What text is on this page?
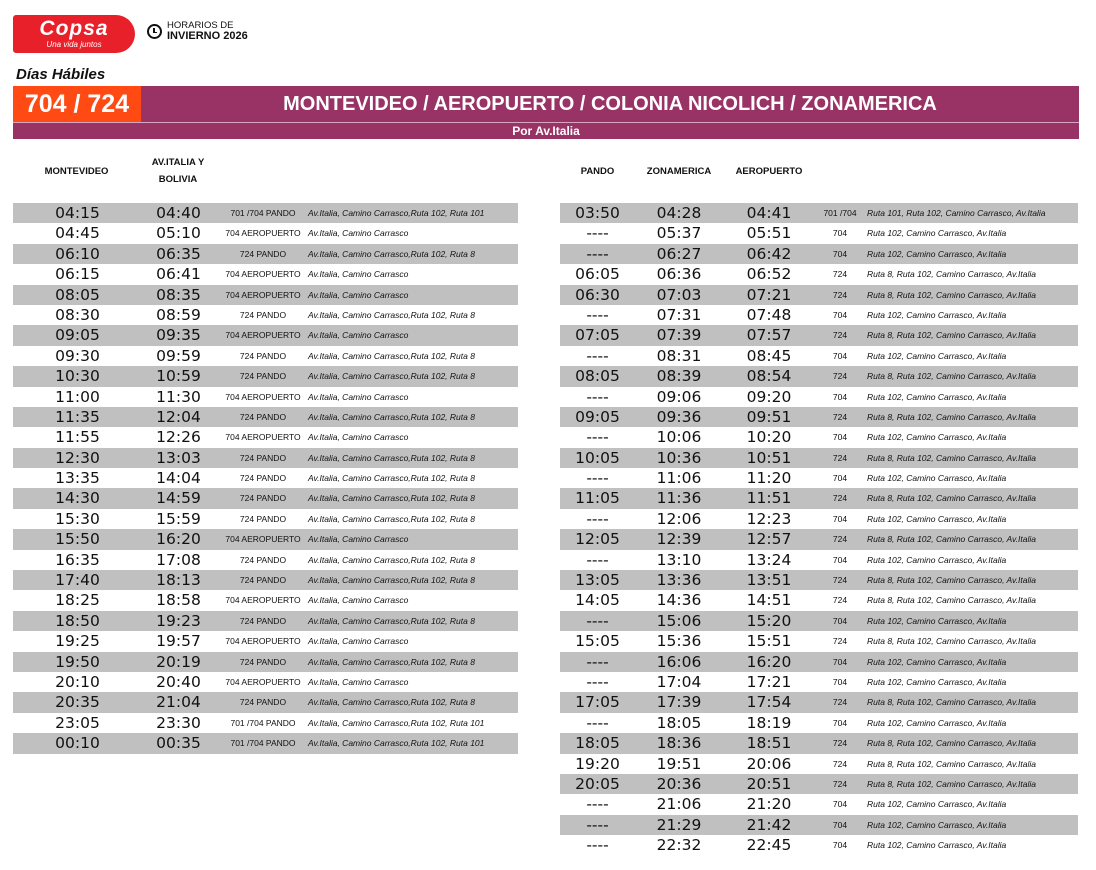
Copsa
Una vida juntos
HORARIOS DE
INVIERNO 2026
Días Hábiles
704 / 724	MONTEVIDEO / AEROPUERTO / COLONIA NICOLICH / ZONAMERICA
Por Av.Italia
MONTEVIDEO
AV.ITALIA Y BOLIVIA
PANDO	ZONAMERICA	AEROPUERTO
04:15	04:40	701 /704 PANDO	Av.Italia, Camino Carrasco,Ruta 102, Ruta 101
04:45	05:10	704 AEROPUERTO Av.Italia, Camino Carrasco
06:10	06:35	724 PANDO	Av.Italia, Camino Carrasco,Ruta 102, Ruta 8
06:15	06:41	704 AEROPUERTO Av.Italia, Camino Carrasco
08:05	08:35	704 AEROPUERTO Av.Italia, Camino Carrasco
08:30	08:59	724 PANDO	Av.Italia, Camino Carrasco,Ruta 102, Ruta 8
09:05	09:35	704 AEROPUERTO Av.Italia, Camino Carrasco
09:30	09:59	724 PANDO	Av.Italia, Camino Carrasco,Ruta 102, Ruta 8
10:30	10:59	724 PANDO	Av.Italia, Camino Carrasco,Ruta 102, Ruta 8
11:00	11:30	704 AEROPUERTO Av.Italia, Camino Carrasco
11:35	12:04	724 PANDO	Av.Italia, Camino Carrasco,Ruta 102, Ruta 8
11:55	12:26	704 AEROPUERTO Av.Italia, Camino Carrasco
12:30	13:03	724 PANDO	Av.Italia, Camino Carrasco,Ruta 102, Ruta 8
13:35	14:04	724 PANDO	Av.Italia, Camino Carrasco,Ruta 102, Ruta 8
14:30	14:59	724 PANDO	Av.Italia, Camino Carrasco,Ruta 102, Ruta 8
15:30	15:59	724 PANDO	Av.Italia, Camino Carrasco,Ruta 102, Ruta 8
15:50	16:20	704 AEROPUERTO Av.Italia, Camino Carrasco
16:35	17:08	724 PANDO	Av.Italia, Camino Carrasco,Ruta 102, Ruta 8
17:40	18:13	724 PANDO	Av.Italia, Camino Carrasco,Ruta 102, Ruta 8
18:25	18:58	704 AEROPUERTO Av.Italia, Camino Carrasco
18:50	19:23	724 PANDO	Av.Italia, Camino Carrasco,Ruta 102, Ruta 8
19:25	19:57	704 AEROPUERTO Av.Italia, Camino Carrasco
19:50	20:19	724 PANDO	Av.Italia, Camino Carrasco,Ruta 102, Ruta 8
20:10	20:40	704 AEROPUERTO Av.Italia, Camino Carrasco
20:35	21:04	724 PANDO	Av.Italia, Camino Carrasco,Ruta 102, Ruta 8
23:05	23:30	701 /704 PANDO	Av.Italia, Camino Carrasco,Ruta 102, Ruta 101
00:10	00:35	701 /704 PANDO	Av.Italia, Camino Carrasco,Ruta 102, Ruta 101
03:50	04:28	04:41	701 /704	Ruta 101, Ruta 102, Camino Carrasco, Av.Italia
----	05:37	05:51	704	Ruta 102, Camino Carrasco, Av.Italia
----	06:27	06:42	704	Ruta 102, Camino Carrasco, Av.Italia
06:05	06:36	06:52	724	Ruta 8, Ruta 102, Camino Carrasco, Av.Italia
06:30	07:03	07:21	724	Ruta 8, Ruta 102, Camino Carrasco, Av.Italia
----	07:31	07:48	704	Ruta 102, Camino Carrasco, Av.Italia
07:05	07:39	07:57	724	Ruta 8, Ruta 102, Camino Carrasco, Av.Italia
----	08:31	08:45	704	Ruta 102, Camino Carrasco, Av.Italia
08:05	08:39	08:54	724	Ruta 8, Ruta 102, Camino Carrasco, Av.Italia
----	09:06	09:20	704	Ruta 102, Camino Carrasco, Av.Italia
09:05	09:36	09:51	724	Ruta 8, Ruta 102, Camino Carrasco, Av.Italia
----	10:06	10:20	704	Ruta 102, Camino Carrasco, Av.Italia
10:05	10:36	10:51	724	Ruta 8, Ruta 102, Camino Carrasco, Av.Italia
----	11:06	11:20	704	Ruta 102, Camino Carrasco, Av.Italia
11:05	11:36	11:51	724	Ruta 8, Ruta 102, Camino Carrasco, Av.Italia
----	12:06	12:23	704	Ruta 102, Camino Carrasco, Av.Italia
12:05	12:39	12:57	724	Ruta 8, Ruta 102, Camino Carrasco, Av.Italia
----	13:10	13:24	704	Ruta 102, Camino Carrasco, Av.Italia
13:05	13:36	13:51	724	Ruta 8, Ruta 102, Camino Carrasco, Av.Italia
14:05	14:36	14:51	724	Ruta 8, Ruta 102, Camino Carrasco, Av.Italia
----	15:06	15:20	704	Ruta 102, Camino Carrasco, Av.Italia
15:05	15:36	15:51	724	Ruta 8, Ruta 102, Camino Carrasco, Av.Italia
----	16:06	16:20	704	Ruta 102, Camino Carrasco, Av.Italia
----	17:04	17:21	704	Ruta 102, Camino Carrasco, Av.Italia
17:05	17:39	17:54	724	Ruta 8, Ruta 102, Camino Carrasco, Av.Italia
----	18:05	18:19	704	Ruta 102, Camino Carrasco, Av.Italia
18:05	18:36	18:51	724	Ruta 8, Ruta 102, Camino Carrasco, Av.Italia
19:20	19:51	20:06	724	Ruta 8, Ruta 102, Camino Carrasco, Av.Italia
20:05	20:36	20:51	724	Ruta 8, Ruta 102, Camino Carrasco, Av.Italia
----	21:06	21:20	704	Ruta 102, Camino Carrasco, Av.Italia
----	21:29	21:42	704	Ruta 102, Camino Carrasco, Av.Italia
----	22:32	22:45	704	Ruta 102, Camino Carrasco, Av.Italia
